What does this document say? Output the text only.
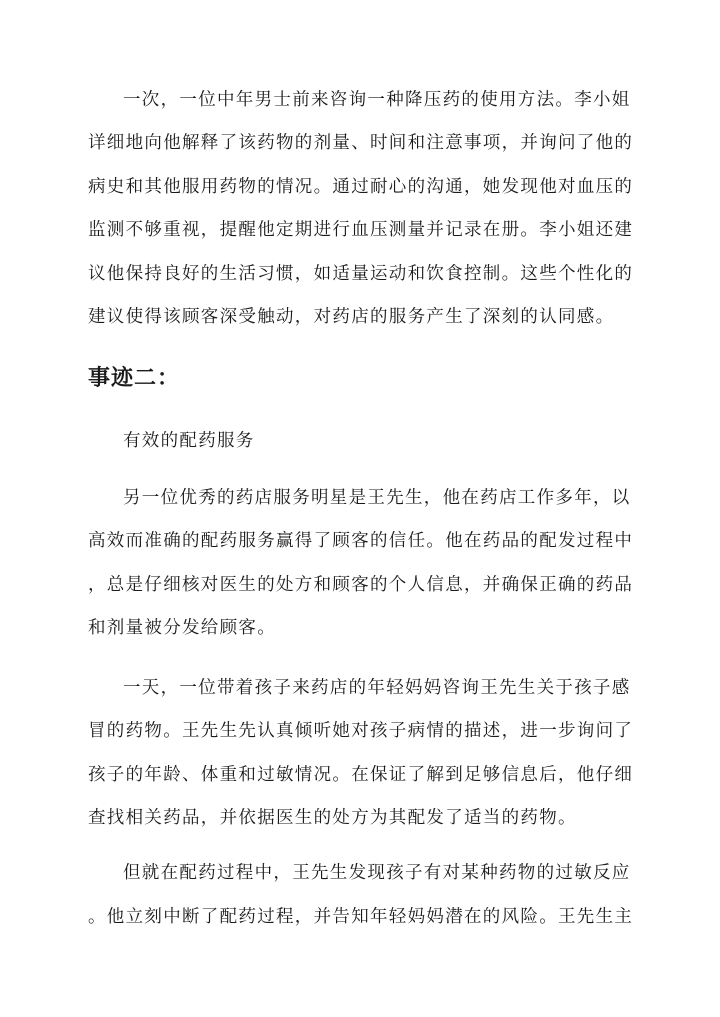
一次，一位中年男士前来咨询一种降压药的使用方法。李小姐
详细地向他解释了该药物的剂量、时间和注意事项，并询问了他的
病史和其他服用药物的情况。通过耐心的沟通，她发现他对血压的
监测不够重视，提醒他定期进行血压测量并记录在册。李小姐还建
议他保持良好的生活习惯，如适量运动和饮食控制。这些个性化的
建议使得该顾客深受触动，对药店的服务产生了深刻的认同感。
事迹二：
有效的配药服务
另一位优秀的药店服务明星是王先生，他在药店工作多年，以
高效而准确的配药服务赢得了顾客的信任。他在药品的配发过程中
，总是仔细核对医生的处方和顾客的个人信息，并确保正确的药品
和剂量被分发给顾客。
一天，一位带着孩子来药店的年轻妈妈咨询王先生关于孩子感
冒的药物。王先生先认真倾听她对孩子病情的描述，进一步询问了
孩子的年龄、体重和过敏情况。在保证了解到足够信息后，他仔细
查找相关药品，并依据医生的处方为其配发了适当的药物。
但就在配药过程中，王先生发现孩子有对某种药物的过敏反应
。他立刻中断了配药过程，并告知年轻妈妈潜在的风险。王先生主
